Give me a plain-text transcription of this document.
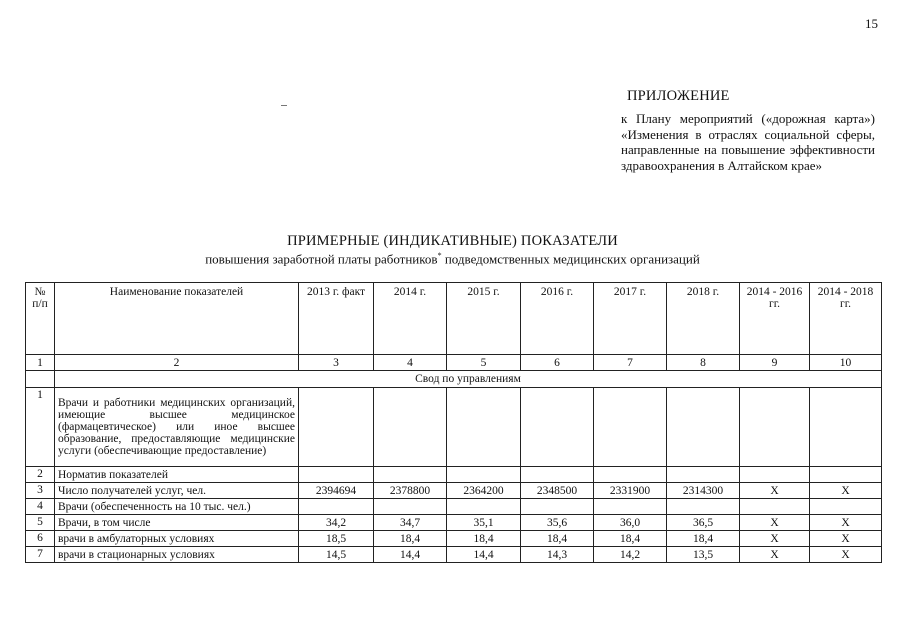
15
ПРИЛОЖЕНИЕ
к Плану мероприятий («дорожная карта») «Изменения в отраслях социальной сферы, направленные на повышение эффективности здравоохранения в Алтайском крае»
ПРИМЕРНЫЕ (ИНДИКАТИВНЫЕ) ПОКАЗАТЕЛИ
повышения заработной платы работников* подведомственных медицинских организаций
№ п/п	Наименование показателей	2013 г. факт	2014 г.	2015 г.	2016 г.	2017 г.	2018 г.	2014 - 2016 гг.	2014 - 2018 гг.
1	2	3	4	5	6	7	8	9	10
	Свод по управлениям								
1	Врачи и работники медицинских организаций, имеющие высшее медицинское (фармацевтическое) или иное высшее образование, предоставляющие медицинские услуги (обеспечивающие предоставление)								
2	Норматив показателей								
3	Число получателей услуг, чел.	2394694	2378800	2364200	2348500	2331900	2314300	Х	Х
4	Врачи (обеспеченность на 10 тыс. чел.)								
5	Врачи, в том числе	34,2	34,7	35,1	35,6	36,0	36,5	Х	Х
6	врачи в амбулаторных условиях	18,5	18,4	18,4	18,4	18,4	18,4	Х	Х
7	врачи в стационарных условиях	14,5	14,4	14,4	14,3	14,2	13,5	Х	Х
